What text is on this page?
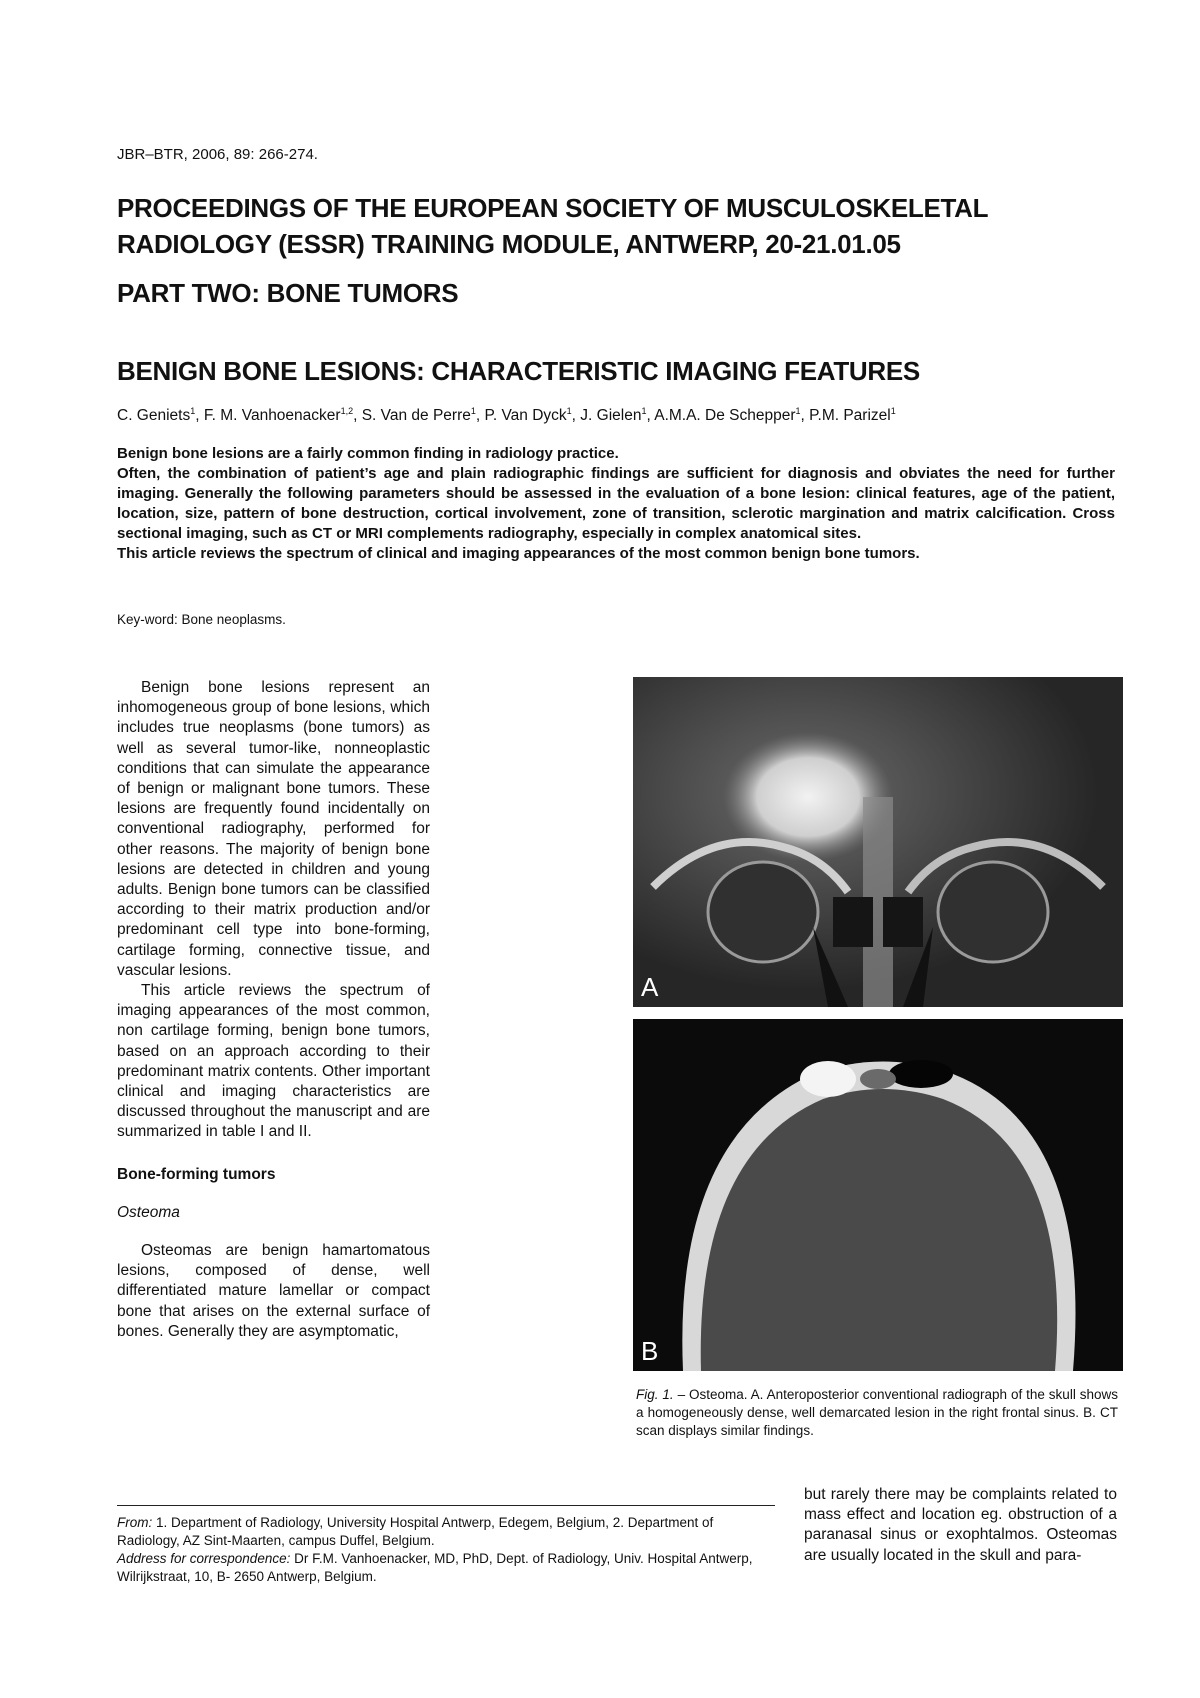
JBR–BTR, 2006, 89: 266-274.
PROCEEDINGS OF THE EUROPEAN SOCIETY OF MUSCULOSKELETAL
RADIOLOGY (ESSR) TRAINING MODULE, ANTWERP, 20-21.01.05
PART TWO: BONE TUMORS
BENIGN BONE LESIONS: CHARACTERISTIC IMAGING FEATURES
C. Geniets$^1$, F. M. Vanhoenacker$^{1,2}$, S. Van de Perre$^1$, P. Van Dyck$^1$, J. Gielen$^1$, A.M.A. De Schepper$^1$, P.M. Parizel$^1$

Benign bone lesions are a fairly common finding in radiology practice.

Often, the combination of patient’s age and plain radiographic findings are sufficient for diagnosis and obviates the need for further imaging. Generally the following parameters should be assessed in the evaluation of a bone lesion: clinical features, age of the patient, location, size, pattern of bone destruction, cortical involvement, zone of transition, sclerotic margination and matrix calcification. Cross sectional imaging, such as CT or MRI complements radiography, especially in complex anatomical sites.

This article reviews the spectrum of clinical and imaging appearances of the most common benign bone tumors.

Key-word: Bone neoplasms.

Benign bone lesions represent an inhomogeneous group of bone lesions, which includes true neoplasms (bone tumors) as well as several tumor-like, nonneoplastic conditions that can simulate the appearance of benign or malignant bone tumors. These lesions are frequently found incidentally on conventional radiography, performed for other reasons. The majority of benign bone lesions are detected in children and young adults. Benign bone tumors can be classified according to their matrix production and/or predominant cell type into bone-forming, cartilage forming, connective tissue, and vascular lesions.

This article reviews the spectrum of imaging appearances of the most common, non cartilage forming, benign bone tumors, based on an approach according to their predominant matrix contents. Other important clinical and imaging characteristics are discussed throughout the manuscript and are summarized in table I and II.

Bone-forming tumors
Osteoma

Osteomas are benign hamartomatous lesions, composed of dense, well differentiated mature lamellar or compact bone that arises on the external surface of bones. Generally they are asymptomatic,

A
B
Fig. 1. – Osteoma. A. Anteroposterior conventional radiograph of the skull shows a homogeneously dense, well demarcated lesion in the right frontal sinus. B. CT scan displays similar findings.
but rarely there may be complaints related to mass effect and location eg. obstruction of a paranasal sinus or exophtalmos. Osteomas are usually located in the skull and para-
From: 1. Department of Radiology, University Hospital Antwerp, Edegem, Belgium, 2. Department of Radiology, AZ Sint-Maarten, campus Duffel, Belgium.
Address for correspondence: Dr F.M. Vanhoenacker, MD, PhD, Dept. of Radiology, Univ. Hospital Antwerp, Wilrijkstraat, 10, B- 2650 Antwerp, Belgium.
